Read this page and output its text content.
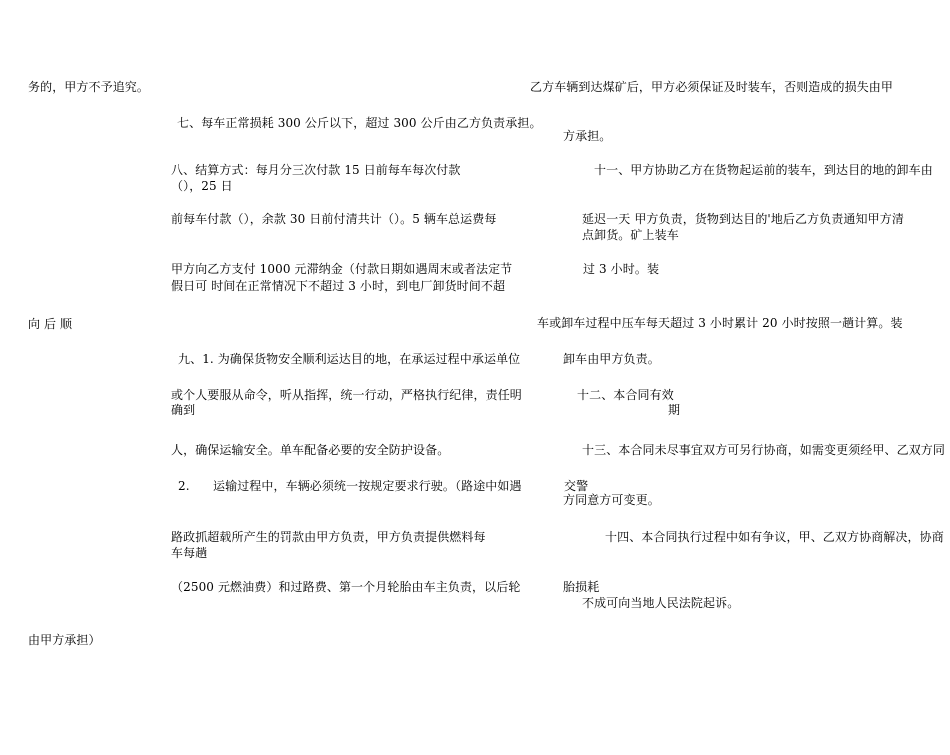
务的，甲方不予追究。
七、每车正常损耗 300 公斤以下，超过 300 公斤由乙方负责承担。
八、结算方式：每月分三次付款 15 日前每车每次付款
（），25 日
前每车付款（），余款 30 日前付清共计（）。5 辆车总运费每
甲方向乙方支付 1000 元滞纳金（付款日期如遇周末或者法定节
假日可 时间在正常情况下不超过 3 小时，到电厂卸货时间不超
向 后 顺
九、1. 为确保货物安全顺利运达目的地，在承运过程中承运单位
或个人要服从命令，听从指挥，统一行动，严格执行纪律，责任明
确到
人，确保运输安全。单车配备必要的安全防护设备。
2. 运输过程中，车辆必须统一按规定要求行驶。（路途中如遇
路政抓超载所产生的罚款由甲方负责，甲方负责提供燃料每
车每趟
（2500 元燃油费）和过路费、第一个月轮胎由车主负责，以后轮
由甲方承担）
乙方车辆到达煤矿后，甲方必须保证及时装车，否则造成的损失由甲
方承担。
十一、甲方协助乙方在货物起运前的装车，到达目的地的卸车由
延迟一天 甲方负责，货物到达目的'地后乙方负责通知甲方清
点卸货。矿上装车
过 3 小时。装
车或卸车过程中压车每天超过 3 小时累计 20 小时按照一趟计算。装
卸车由甲方负责。
十二、本合同有效
期
十三、本合同未尽事宜双方可另行协商，如需变更须经甲、乙双方同
交警
方同意方可变更。
十四、本合同执行过程中如有争议，甲、乙双方协商解决，协商
胎损耗
不成可向当地人民法院起诉。
